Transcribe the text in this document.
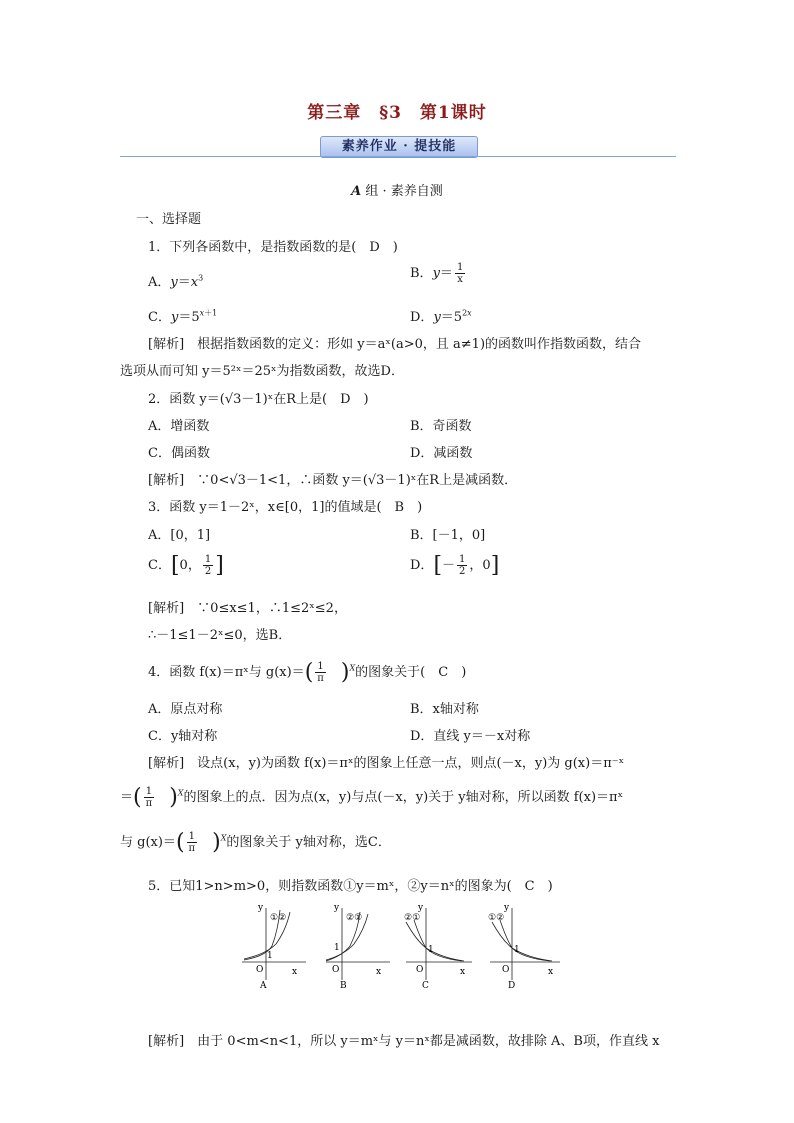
第三章　§3　第1课时
素养作业 · 提技能
A 组 · 素养自测
一、选择题
1．下列各函数中，是指数函数的是(　D　)
A．$y=x^3$	B．$y= \frac{1}{x}$
C．$y=5^{x+1}$	D．$y=5^{2x}$
[解析]　 根据指数函数的定义：形如 y＝aˣ(a>0，且 a≠1)的函数叫作指数函数，结合
选项从而可知 y＝5²ˣ＝25ˣ为指数函数，故选D．
2．函数 y＝(√3－1)ˣ在R上是(　D　)
A．增函数	B．奇函数
C．偶函数	D．减函数
[解析]　 ∵0<√3－1<1，∴函数 y＝(√3－1)ˣ在R上是减函数．
3．函数 y＝1－2ˣ，x∈[0，1]的值域是(　B　)
A．[0，1]	B．[－1，0]
C．[0， $\frac{1}{2}$ ]	D．[－ $\frac{1}{2}$ ，0]
[解析]　 ∵0≤x≤1，∴1≤2ˣ≤2，
∴－1≤1－2ˣ≤0，选B．
4．函数 f(x)＝πˣ与 $g(x)=( \frac{1}{\pi}$
　 )$^X$的图象关于(　C　)
A．原点对称	B．x轴对称
C．y轴对称	D．直线 y＝－x对称
[解析]　 设点(x，y)为函数 f(x)＝πˣ的图象上任意一点，则点(－x，y)为 g(x)＝π⁻ˣ
＝( $\frac{1}{\pi}$
　 )$^X$的图象上的点．因为点(x，y)与点(－x，y)关于 y轴对称，所以函数 f(x)＝πˣ
与 $g(x)=( \frac{1}{\pi}$
　 )$^X$的图象关于 y轴对称，选C．
5．已知1>n>m>0，则指数函数①y＝mˣ，②y＝nˣ的图象为(　C　)
y
①②
1
O	x
A
y
②①
1
O	x
B
y
②①
1
O	x
C
y
①②
1
O	x
D
[解析]　 由于 0<m<n<1，所以 y＝mˣ与 y＝nˣ都是减函数，故排除 A、B项，作直线 x
